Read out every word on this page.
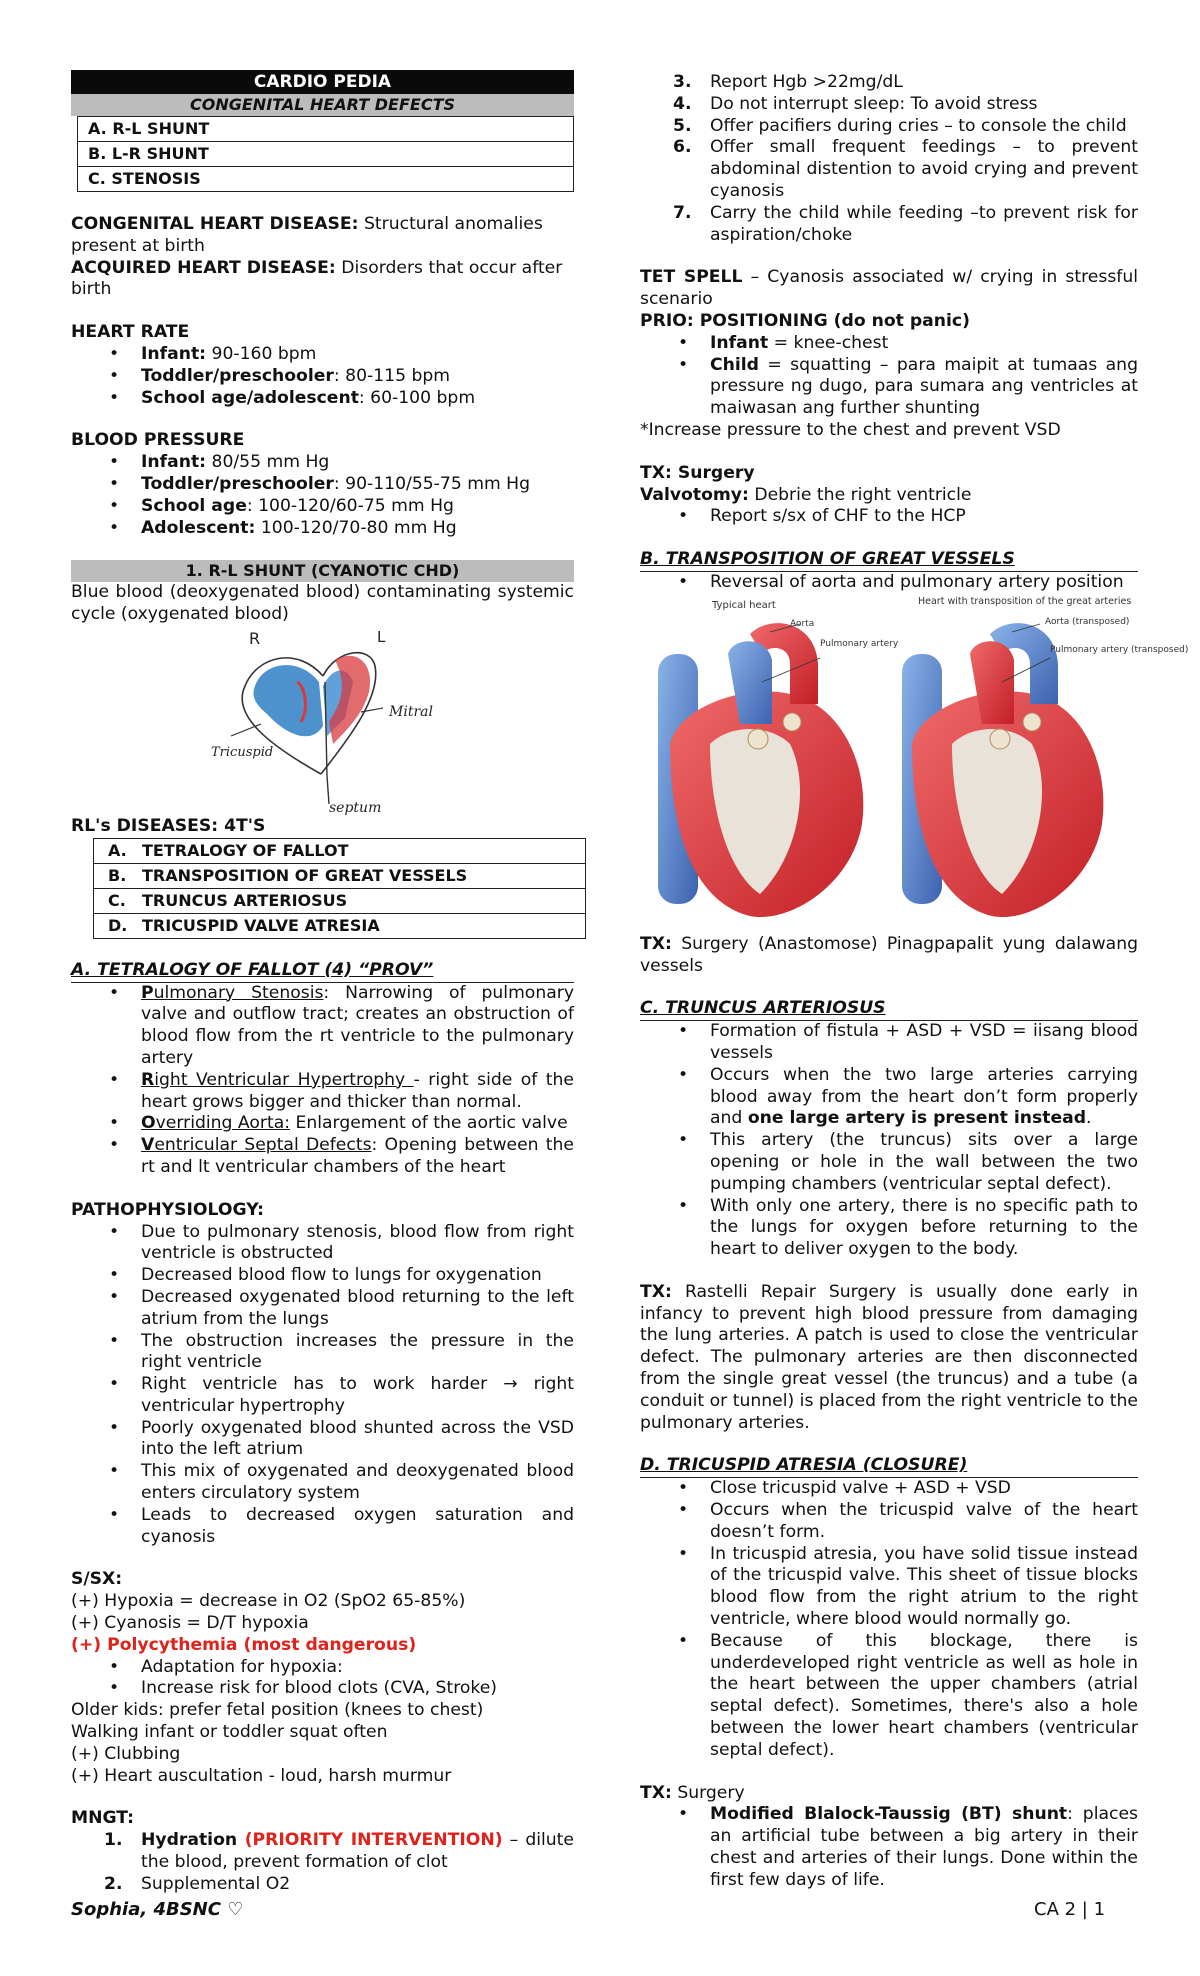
CARDIO PEDIA
CONGENITAL HEART DEFECTS
A. R-L SHUNT
B. L-R SHUNT
C. STENOSIS
CONGENITAL HEART DISEASE: Structural anomalies present at birth
ACQUIRED HEART DISEASE: Disorders that occur after birth
HEART RATE
• Infant: 90-160 bpm
• Toddler/preschooler: 80-115 bpm
• School age/adolescent: 60-100 bpm
BLOOD PRESSURE
• Infant: 80/55 mm Hg
• Toddler/preschooler: 90-110/55-75 mm Hg
• School age: 100-120/60-75 mm Hg
• Adolescent: 100-120/70-80 mm Hg
1. R-L SHUNT (CYANOTIC CHD)
Blue blood (deoxygenated blood) contaminating systemic cycle (oxygenated blood)
R	L
Mitral
Tricuspid
septum
RL's DISEASES: 4T'S
A. TETRALOGY OF FALLOT
B. TRANSPOSITION OF GREAT VESSELS
C.	TRUNCUS ARTERIOSUS
D. TRICUSPID VALVE ATRESIA
A. TETRALOGY OF FALLOT (4) “PROV”
• Pulmonary Stenosis: Narrowing of pulmonary valve and outflow tract; creates an obstruction of blood flow from the rt ventricle to the pulmonary artery
• Right Ventricular Hypertrophy - right side of the heart grows bigger and thicker than normal.
• Overriding Aorta: Enlargement of the aortic valve
• Ventricular Septal Defects: Opening between the rt and lt ventricular chambers of the heart
PATHOPHYSIOLOGY:
• Due to pulmonary stenosis, blood flow from right ventricle is obstructed
• Decreased blood flow to lungs for oxygenation
• Decreased oxygenated blood returning to the left atrium from the lungs
• The obstruction increases the pressure in the right ventricle
• Right ventricle has to work harder → right ventricular hypertrophy
• Poorly oxygenated blood shunted across the VSD into the left atrium
• This mix of oxygenated and deoxygenated blood enters circulatory system
• Leads to decreased oxygen saturation and cyanosis
S/SX:
(+) Hypoxia = decrease in O2 (SpO2 65-85%)
(+) Cyanosis = D/T hypoxia
(+) Polycythemia (most dangerous)
• Adaptation for hypoxia:
• Increase risk for blood clots (CVA, Stroke)
Older kids: prefer fetal position (knees to chest)
Walking infant or toddler squat often
(+) Clubbing
(+) Heart auscultation - loud, harsh murmur
MNGT:
1. Hydration (PRIORITY INTERVENTION) – dilute the blood, prevent formation of clot
2. Supplemental O2
3. Report Hgb >22mg/dL
4. Do not interrupt sleep: To avoid stress
5. Offer pacifiers during cries – to console the child
6. Offer small frequent feedings – to prevent abdominal distention to avoid crying and prevent cyanosis
7. Carry the child while feeding –to prevent risk for aspiration/choke
TET SPELL – Cyanosis associated w/ crying in stressful scenario
PRIO: POSITIONING (do not panic)
• Infant = knee-chest
• Child = squatting – para maipit at tumaas ang pressure ng dugo, para sumara ang ventricles at maiwasan ang further shunting
*Increase pressure to the chest and prevent VSD
TX: Surgery
Valvotomy: Debrie the right ventricle
• Report s/sx of CHF to the HCP
B. TRANSPOSITION OF GREAT VESSELS
• Reversal of aorta and pulmonary artery position
Typical heart	Heart with transposition of the great arteries
Aorta
Pulmonary artery
Aorta (transposed)
Pulmonary artery (transposed)
TX: Surgery (Anastomose) Pinagpapalit yung dalawang vessels
C. TRUNCUS ARTERIOSUS
• Formation of fistula + ASD + VSD = iisang blood vessels
• Occurs when the two large arteries carrying blood away from the heart don’t form properly and one large artery is present instead.
• This artery (the truncus) sits over a large opening or hole in the wall between the two pumping chambers (ventricular septal defect).
• With only one artery, there is no specific path to the lungs for oxygen before returning to the heart to deliver oxygen to the body.
TX: Rastelli Repair Surgery is usually done early in infancy to prevent high blood pressure from damaging the lung arteries. A patch is used to close the ventricular defect. The pulmonary arteries are then disconnected from the single great vessel (the truncus) and a tube (a conduit or tunnel) is placed from the right ventricle to the pulmonary arteries.
D. TRICUSPID ATRESIA (CLOSURE)
• Close tricuspid valve + ASD + VSD
• Occurs when the tricuspid valve of the heart doesn’t form.
• In tricuspid atresia, you have solid tissue instead of the tricuspid valve. This sheet of tissue blocks blood flow from the right atrium to the right ventricle, where blood would normally go.
• Because of this blockage, there is underdeveloped right ventricle as well as hole in the heart between the upper chambers (atrial septal defect). Sometimes, there's also a hole between the lower heart chambers (ventricular septal defect).
TX: Surgery
• Modified Blalock-Taussig (BT) shunt: places an artificial tube between a big artery in their chest and arteries of their lungs. Done within the first few days of life.
Sophia, 4BSNC ♡	CA 2 | 1
